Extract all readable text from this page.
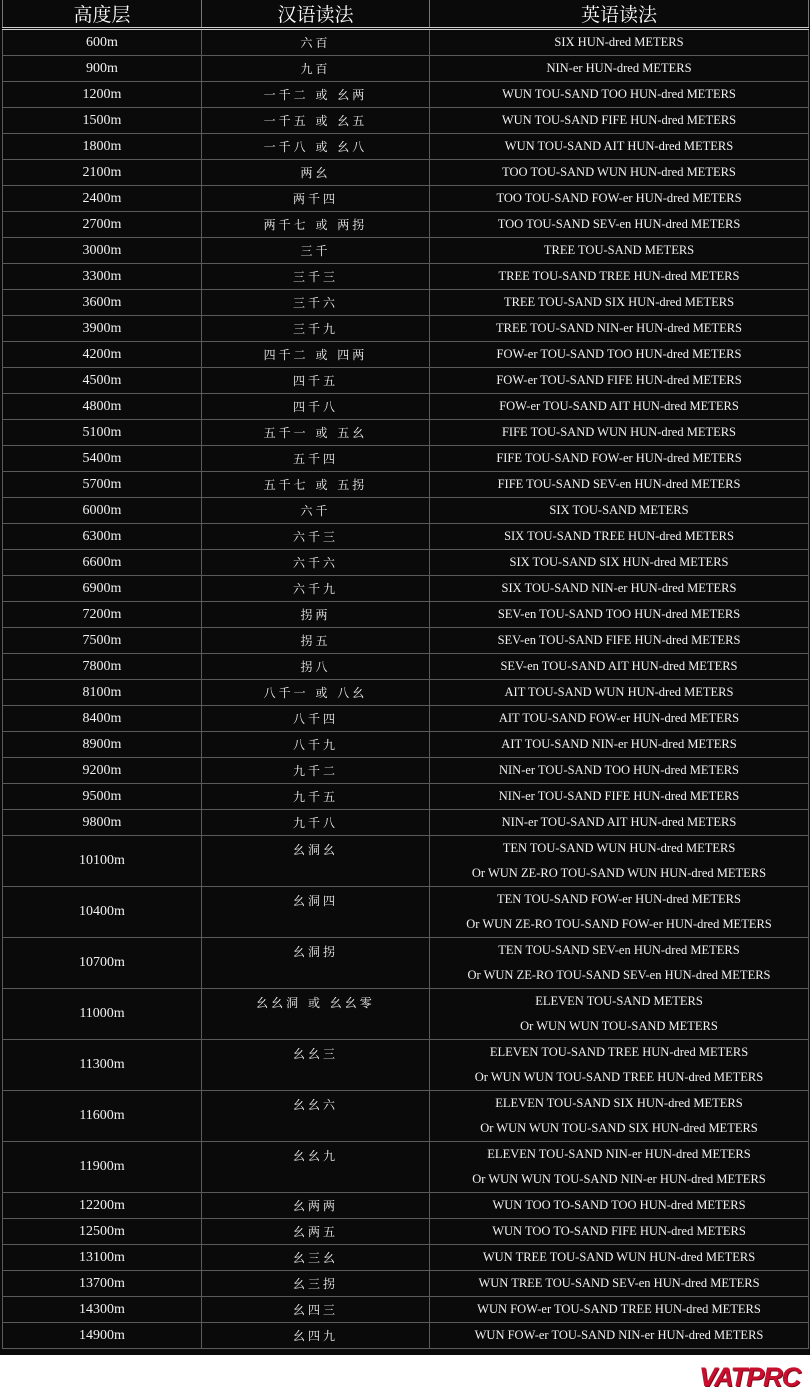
高度层	汉语读法	英语读法
600m	六百	SIX HUN-dred METERS

900m	九百	NIN-er HUN-dred METERS

1200m	一千二 或 幺两	WUN TOU-SAND TOO HUN-dred METERS

1500m	一千五 或 幺五	WUN TOU-SAND FIFE HUN-dred METERS

1800m	一千八 或 幺八	WUN TOU-SAND AIT HUN-dred METERS

2100m	两幺	TOO TOU-SAND WUN HUN-dred METERS

2400m	两千四	TOO TOU-SAND FOW-er HUN-dred METERS

2700m	两千七 或 两拐	TOO TOU-SAND SEV-en HUN-dred METERS

3000m	三千	TREE TOU-SAND METERS

3300m	三千三	TREE TOU-SAND TREE HUN-dred METERS

3600m	三千六	TREE TOU-SAND SIX HUN-dred METERS

3900m	三千九	TREE TOU-SAND NIN-er HUN-dred METERS

4200m	四千二 或 四两	FOW-er TOU-SAND TOO HUN-dred METERS

4500m	四千五	FOW-er TOU-SAND FIFE HUN-dred METERS

4800m	四千八	FOW-er TOU-SAND AIT HUN-dred METERS

5100m	五千一 或 五幺	FIFE TOU-SAND WUN HUN-dred METERS

5400m	五千四	FIFE TOU-SAND FOW-er HUN-dred METERS

5700m	五千七 或 五拐	FIFE TOU-SAND SEV-en HUN-dred METERS

6000m	六千	SIX TOU-SAND METERS

6300m	六千三	SIX TOU-SAND TREE HUN-dred METERS

6600m	六千六	SIX TOU-SAND SIX HUN-dred METERS

6900m	六千九	SIX TOU-SAND NIN-er HUN-dred METERS

7200m	拐两	SEV-en TOU-SAND TOO HUN-dred METERS

7500m	拐五	SEV-en TOU-SAND FIFE HUN-dred METERS

7800m	拐八	SEV-en TOU-SAND AIT HUN-dred METERS

8100m	八千一 或 八幺	AIT TOU-SAND WUN HUN-dred METERS

8400m	八千四	AIT TOU-SAND FOW-er HUN-dred METERS

8900m	八千九	AIT TOU-SAND NIN-er HUN-dred METERS

9200m	九千二	NIN-er TOU-SAND TOO HUN-dred METERS

9500m	九千五	NIN-er TOU-SAND FIFE HUN-dred METERS

9800m	九千八	NIN-er TOU-SAND AIT HUN-dred METERS

10100m	幺洞幺	TEN TOU-SAND WUN HUN-dred METERS
Or WUN ZE-RO TOU-SAND WUN HUN-dred METERS

10400m	幺洞四	TEN TOU-SAND FOW-er HUN-dred METERS
Or WUN ZE-RO TOU-SAND FOW-er HUN-dred METERS

10700m	幺洞拐	TEN TOU-SAND SEV-en HUN-dred METERS
Or WUN ZE-RO TOU-SAND SEV-en HUN-dred METERS

11000m	幺幺洞 或 幺幺零	ELEVEN TOU-SAND METERS
Or WUN WUN TOU-SAND METERS

11300m	幺幺三	ELEVEN TOU-SAND TREE HUN-dred METERS
Or WUN WUN TOU-SAND TREE HUN-dred METERS

11600m	幺幺六	ELEVEN TOU-SAND SIX HUN-dred METERS
Or WUN WUN TOU-SAND SIX HUN-dred METERS

11900m	幺幺九	ELEVEN TOU-SAND NIN-er HUN-dred METERS
Or WUN WUN TOU-SAND NIN-er HUN-dred METERS

12200m	幺两两	WUN TOO TO-SAND TOO HUN-dred METERS

12500m	幺两五	WUN TOO TO-SAND FIFE HUN-dred METERS

13100m	幺三幺	WUN TREE TOU-SAND WUN HUN-dred METERS

13700m	幺三拐	WUN TREE TOU-SAND SEV-en HUN-dred METERS

14300m	幺四三	WUN FOW-er TOU-SAND TREE HUN-dred METERS

14900m	幺四九	WUN FOW-er TOU-SAND NIN-er HUN-dred METERS
VATPRC
